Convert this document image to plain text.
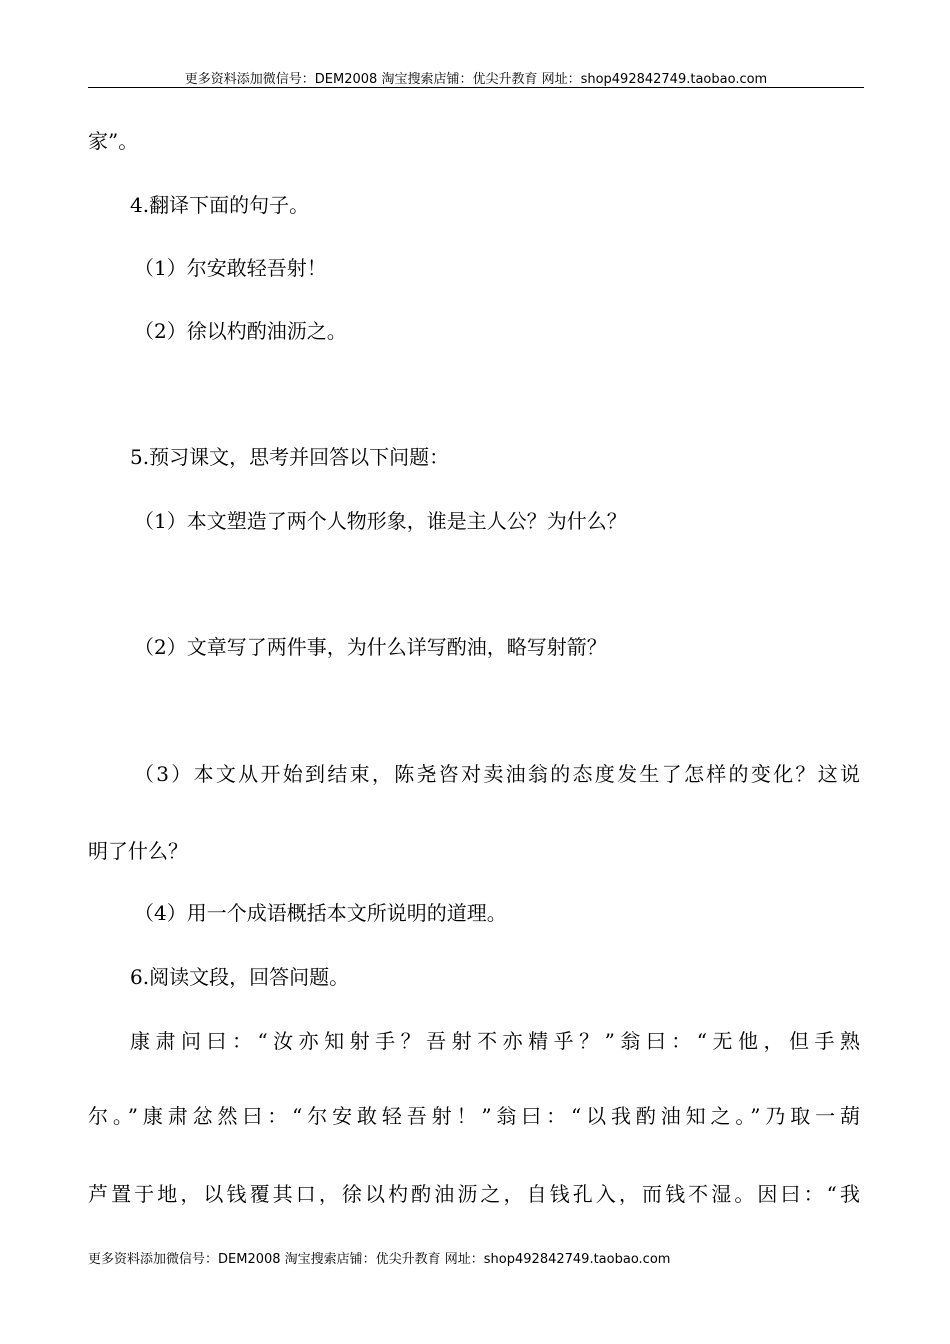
更多资料添加微信号：DEM2008 淘宝搜索店铺：优尖升教育 网址：shop492842749.taobao.com
家”。
4.翻译下面的句子。
（1）尔安敢轻吾射！
（2）徐以杓酌油沥之。
5.预习课文，思考并回答以下问题：
（1）本文塑造了两个人物形象，谁是主人公？为什么？
（2）文章写了两件事，为什么详写酌油，略写射箭？
（3）本文从开始到结束，陈尧咨对卖油翁的态度发生了怎样的变化？这说
明了什么？
（4）用一个成语概括本文所说明的道理。
6.阅读文段，回答问题。
康肃问曰：“汝亦知射手？吾射不亦精乎？”翁曰：“无他，但手熟
尔。”康肃忿然曰：“尔安敢轻吾射！”翁曰：“以我酌油知之。”乃取一葫
芦置于地，以钱覆其口，徐以杓酌油沥之，自钱孔入，而钱不湿。因曰：“我
更多资料添加微信号：DEM2008 淘宝搜索店铺：优尖升教育 网址：shop492842749.taobao.com
